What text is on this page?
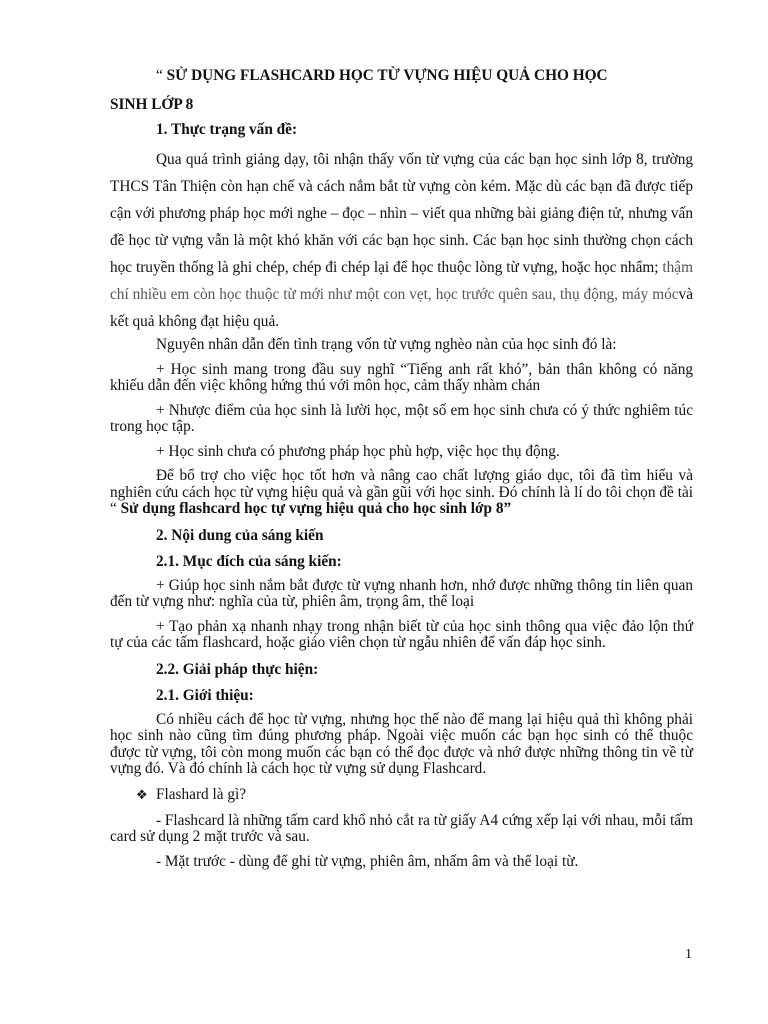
“ SỬ DỤNG FLASHCARD HỌC TỪ VỰNG HIỆU QUẢ CHO HỌC

SINH LỚP 8

1. Thực trạng vấn đề:

Qua quá trình giảng dạy, tôi nhận thấy vốn từ vựng của các bạn học sinh lớp 8, trường THCS Tân Thiện còn hạn chế và cách nắm bắt từ vựng còn kém. Mặc dù các bạn đã được tiếp cận với phương pháp học mới nghe – đọc – nhìn – viết qua những bài giảng điện tử, nhưng vấn đề học từ vựng vẫn là một khó khăn với các bạn học sinh. Các bạn học sinh thường chọn cách học truyền thống là ghi chép, chép đi chép lại để học thuộc lòng từ vựng, hoặc học nhẩm; thậm chí nhiều em còn học thuộc từ mới như một con vẹt, học trước quên sau, thụ động, máy mócvà kết quả không đạt hiệu quả.

Nguyên nhân dẫn đến tình trạng vốn từ vựng nghèo nàn của học sinh đó là:

+ Học sinh mang trong đầu suy nghĩ “Tiếng anh rất khó”, bản thân không có năng khiếu dẫn đến việc không hứng thú với môn học, cảm thấy nhàm chán

+ Nhược điểm của học sinh là lười học, một số em học sinh chưa có ý thức nghiêm túc trong học tập.

+ Học sinh chưa có phương pháp học phù hợp, việc học thụ động.

Để bổ trợ cho việc học tốt hơn và nâng cao chất lượng giáo dục, tôi đã tìm hiểu và nghiên cứu cách học từ vựng hiệu quả và gần gũi với học sinh. Đó chính là lí do tôi chọn đề tài “ Sử dụng flashcard học tự vựng hiệu quả cho học sinh lớp 8”

2. Nội dung của sáng kiến

2.1. Mục đích của sáng kiến:

+ Giúp học sinh nắm bắt được từ vựng nhanh hơn, nhớ được những thông tin liên quan đến từ vựng như: nghĩa của từ, phiên âm, trọng âm, thể loại

+ Tạo phản xạ nhanh nhạy trong nhận biết từ của học sinh thông qua việc đảo lộn thứ tự của các tấm flashcard, hoặc giáo viên chọn từ ngẫu nhiên để vấn đáp học sinh.

2.2. Giải pháp thực hiện:

2.1. Giới thiệu:

Có nhiều cách để học từ vựng, nhưng học thế nào để mang lại hiệu quả thì không phải học sinh nào cũng tìm đúng phương pháp. Ngoài việc muốn các bạn học sinh có thể thuộc được từ vựng, tôi còn mong muốn các bạn có thể đọc được và nhớ được những thông tin về từ vựng đó. Và đó chính là cách học từ vựng sử dụng Flashcard.

❖ Flashard là gì?

- Flashcard là những tấm card khổ nhỏ cắt ra từ giấy A4 cứng xếp lại với nhau, mỗi tấm card sử dụng 2 mặt trước và sau.

- Mặt trước - dùng để ghi từ vựng, phiên âm, nhấm âm và thể loại từ.

1
